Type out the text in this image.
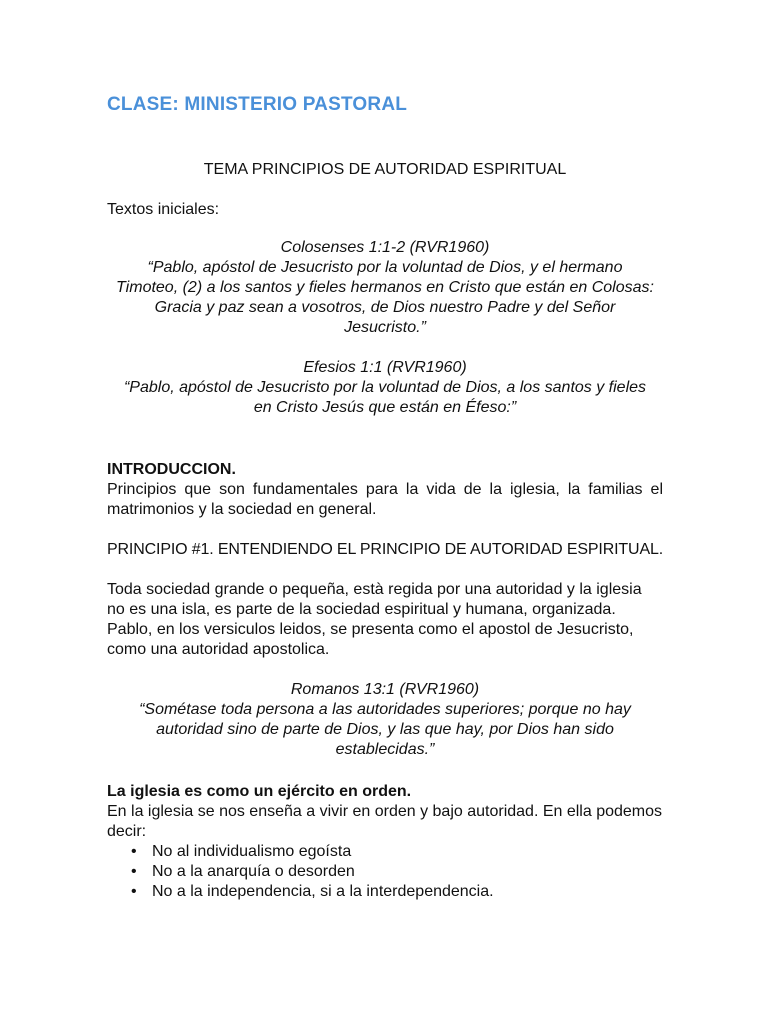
CLASE: MINISTERIO PASTORAL

TEMA PRINCIPIOS DE AUTORIDAD ESPIRITUAL

Textos iniciales:

Colosenses 1:1-2 (RVR1960)

“Pablo, apóstol de Jesucristo por la voluntad de Dios, y el hermano

Timoteo, (2) a los santos y fieles hermanos en Cristo que están en Colosas:

Gracia y paz sean a vosotros, de Dios nuestro Padre y del Señor

Jesucristo.”

Efesios 1:1 (RVR1960)

“Pablo, apóstol de Jesucristo por la voluntad de Dios, a los santos y fieles

en Cristo Jesús que están en Éfeso:”

INTRODUCCION.

Principios que son fundamentales para la vida de la iglesia, la familias el matrimonios y la sociedad en general.

PRINCIPIO #1. ENTENDIENDO EL PRINCIPIO DE AUTORIDAD ESPIRITUAL.

Toda sociedad grande o pequeña, està regida por una autoridad y la iglesia

no es una isla, es parte de la sociedad espiritual y humana, organizada.

Pablo, en los versiculos leidos, se presenta como el apostol de Jesucristo,

como una autoridad apostolica.

Romanos 13:1 (RVR1960)

“Sométase toda persona a las autoridades superiores; porque no hay

autoridad sino de parte de Dios, y las que hay, por Dios han sido

establecidas.”

La iglesia es como un ejército en orden.

En la iglesia se nos enseña a vivir en orden y bajo autoridad. En ella podemos

decir:

• No al individualismo egoísta
• No a la anarquía o desorden
• No a la independencia, si a la interdependencia.
